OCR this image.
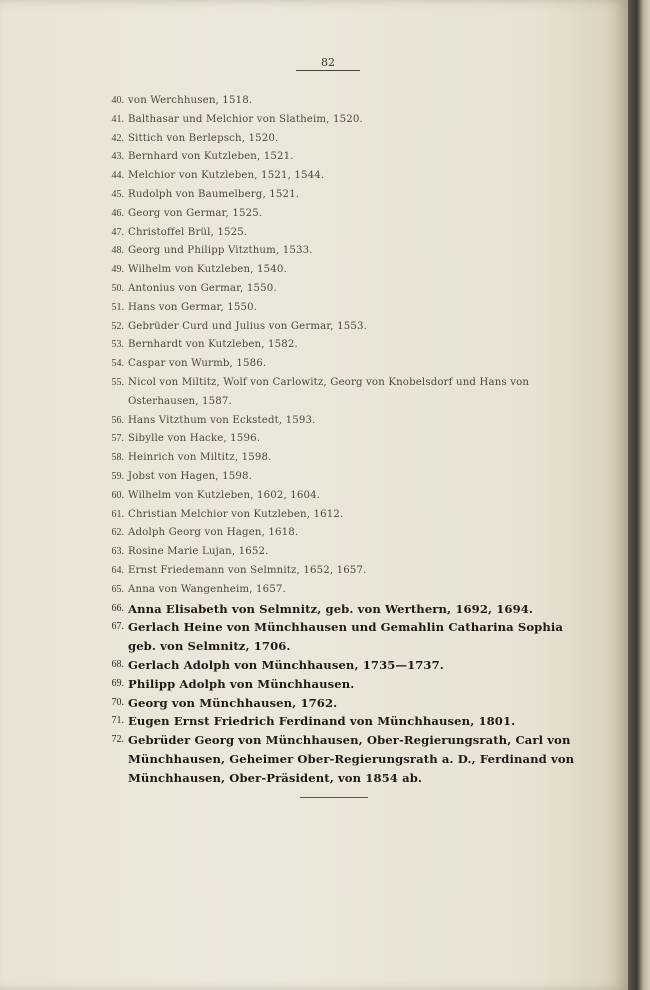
82
40. von Werchhusen, 1518.
41. Balthasar und Melchior von Slatheim, 1520.
42. Sittich von Berlepsch, 1520.
43. Bernhard von Kutzleben, 1521.
44. Melchior von Kutzleben, 1521, 1544.
45. Rudolph von Baumelberg, 1521.
46. Georg von Germar, 1525.
47. Christoffel Brül, 1525.
48. Georg und Philipp Vitzthum, 1533.
49. Wilhelm von Kutzleben, 1540.
50. Antonius von Germar, 1550.
51. Hans von Germar, 1550.
52. Gebrüder Curd und Julius von Germar, 1553.
53. Bernhardt von Kutzleben, 1582.
54. Caspar von Wurmb, 1586.
55. Nicol von Miltitz, Wolf von Carlowitz, Georg von Knobelsdorf und Hans von Osterhausen, 1587.
56. Hans Vitzthum von Eckstedt, 1593.
57. Sibylle von Hacke, 1596.
58. Heinrich von Miltitz, 1598.
59. Jobst von Hagen, 1598.
60. Wilhelm von Kutzleben, 1602, 1604.
61. Christian Melchior von Kutzleben, 1612.
62. Adolph Georg von Hagen, 1618.
63. Rosine Marie Lujan, 1652.
64. Ernst Friedemann von Selmnitz, 1652, 1657.
65. Anna von Wangenheim, 1657.
66. Anna Elisabeth von Selmnitz, geb. von Werthern, 1692, 1694.
67. Gerlach Heine von Münchhausen und Gemahlin Catharina Sophia geb. von Selmnitz, 1706.
68. Gerlach Adolph von Münchhausen, 1735—1737.
69. Philipp Adolph von Münchhausen.
70. Georg von Münchhausen, 1762.
71. Eugen Ernst Friedrich Ferdinand von Münchhausen, 1801.
72. Gebrüder Georg von Münchhausen, Ober-Regierungsrath, Carl von Münchhausen, Geheimer Ober-Regierungsrath a. D., Ferdinand von Münchhausen, Ober-Präsident, von 1854 ab.
